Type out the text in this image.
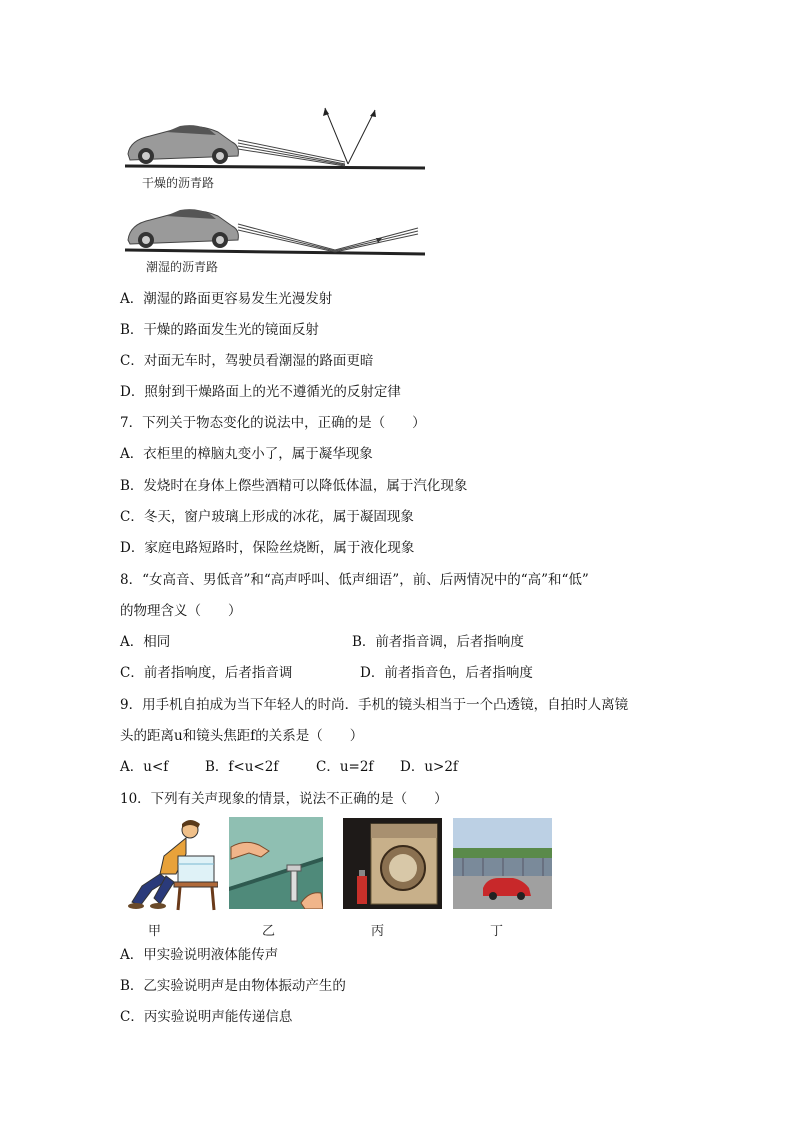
干燥的沥青路
潮湿的沥青路
A．潮湿的路面更容易发生光漫发射
B．干燥的路面发生光的镜面反射
C．对面无车时，驾驶员看潮湿的路面更暗
D．照射到干燥路面上的光不遵循光的反射定律
7．下列关于物态变化的说法中，正确的是（　　）
A．衣柜里的樟脑丸变小了，属于凝华现象
B．发烧时在身体上傺些酒精可以降低体温，属于汽化现象
C．冬天，窗户玻璃上形成的冰花，属于凝固现象
D．家庭电路短路时，保险丝烧断，属于液化现象
8．“女高音、男低音”和“高声呼叫、低声细语”，前、后两情况中的“高”和“低”
的物理含义（　　）
A．相同	B．前者指音调，后者指响度
C．前者指响度，后者指音调	D．前者指音色，后者指响度
9．用手机自拍成为当下年轻人的时尚．手机的镜头相当于一个凸透镜，自拍时人离镜
头的距离u和镜头焦距f的关系是（　　）
A．u<f	B．f<u<2f	C．u=2f D．u>2f
10．下列有关声现象的情景，说法不正确的是（　　）
甲	乙	丙	丁
A．甲实验说明液体能传声
B．乙实验说明声是由物体振动产生的
C．丙实验说明声能传递信息
